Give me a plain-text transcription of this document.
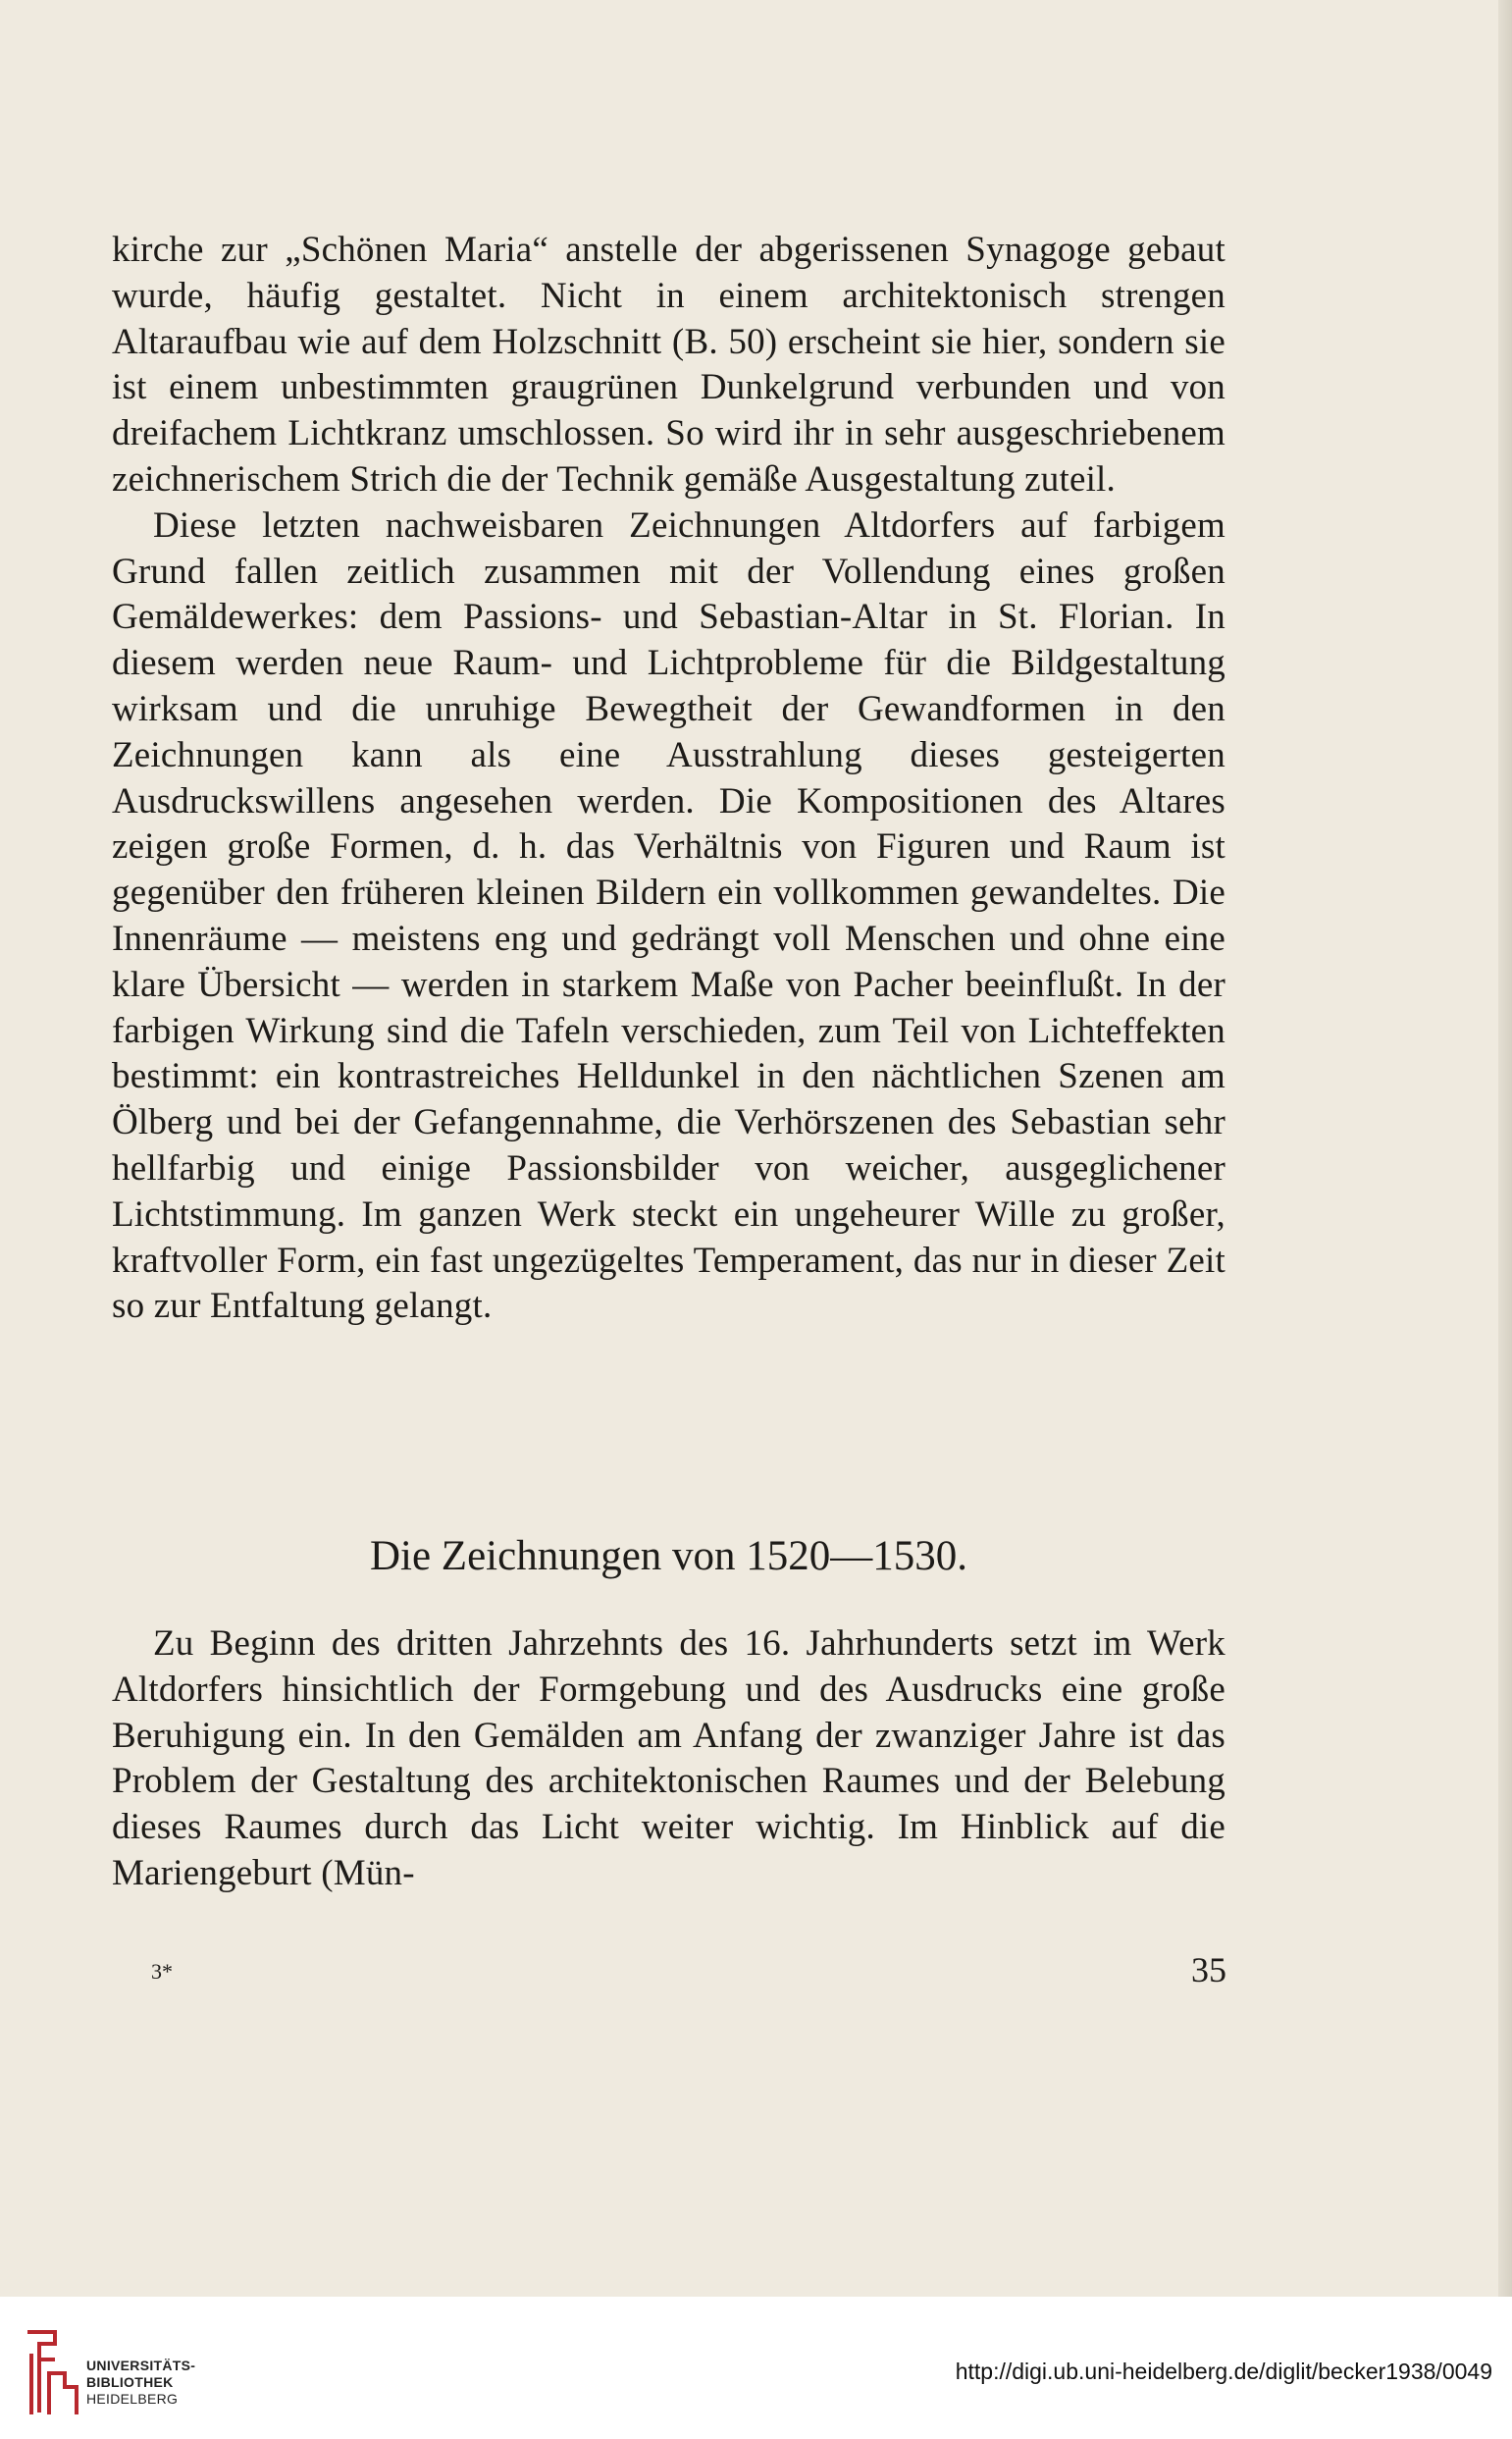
kirche zur „Schönen Maria“ anstelle der abgerissenen Synagoge gebaut wurde, häufig gestaltet. Nicht in einem architektonisch strengen Altaraufbau wie auf dem Holzschnitt (B. 50) erscheint sie hier, sondern sie ist einem unbestimmten graugrünen Dunkelgrund verbunden und von dreifachem Lichtkranz umschlossen. So wird ihr in sehr ausgeschriebenem zeichnerischem Strich die der Technik gemäße Ausgestaltung zuteil.

Diese letzten nachweisbaren Zeichnungen Altdorfers auf farbigem Grund fallen zeitlich zusammen mit der Vollendung eines großen Gemäldewerkes: dem Passions- und Sebastian-Altar in St. Florian. In diesem werden neue Raum- und Lichtprobleme für die Bildgestaltung wirksam und die unruhige Bewegtheit der Gewandformen in den Zeichnungen kann als eine Ausstrahlung dieses gesteigerten Ausdruckswillens angesehen werden. Die Kompositionen des Altares zeigen große Formen, d. h. das Verhältnis von Figuren und Raum ist gegenüber den früheren kleinen Bildern ein vollkommen gewandeltes. Die Innenräume — meistens eng und gedrängt voll Menschen und ohne eine klare Übersicht — werden in starkem Maße von Pacher beeinflußt. In der farbigen Wirkung sind die Tafeln verschieden, zum Teil von Lichteffekten bestimmt: ein kontrastreiches Helldunkel in den nächtlichen Szenen am Ölberg und bei der Gefangennahme, die Verhörszenen des Sebastian sehr hellfarbig und einige Passionsbilder von weicher, ausgeglichener Lichtstimmung. Im ganzen Werk steckt ein ungeheurer Wille zu großer, kraftvoller Form, ein fast ungezügeltes Temperament, das nur in dieser Zeit so zur Entfaltung gelangt.

Die Zeichnungen von 1520—1530.

Zu Beginn des dritten Jahrzehnts des 16. Jahrhunderts setzt im Werk Altdorfers hinsichtlich der Formgebung und des Ausdrucks eine große Beruhigung ein. In den Gemälden am Anfang der zwanziger Jahre ist das Problem der Gestaltung des architektonischen Raumes und der Belebung dieses Raumes durch das Licht weiter wichtig. Im Hinblick auf die Mariengeburt (Mün-

3*	35
UNIVERSITÄTS-
BIBLIOTHEK
HEIDELBERG
http://digi.ub.uni-heidelberg.de/diglit/becker1938/0049
